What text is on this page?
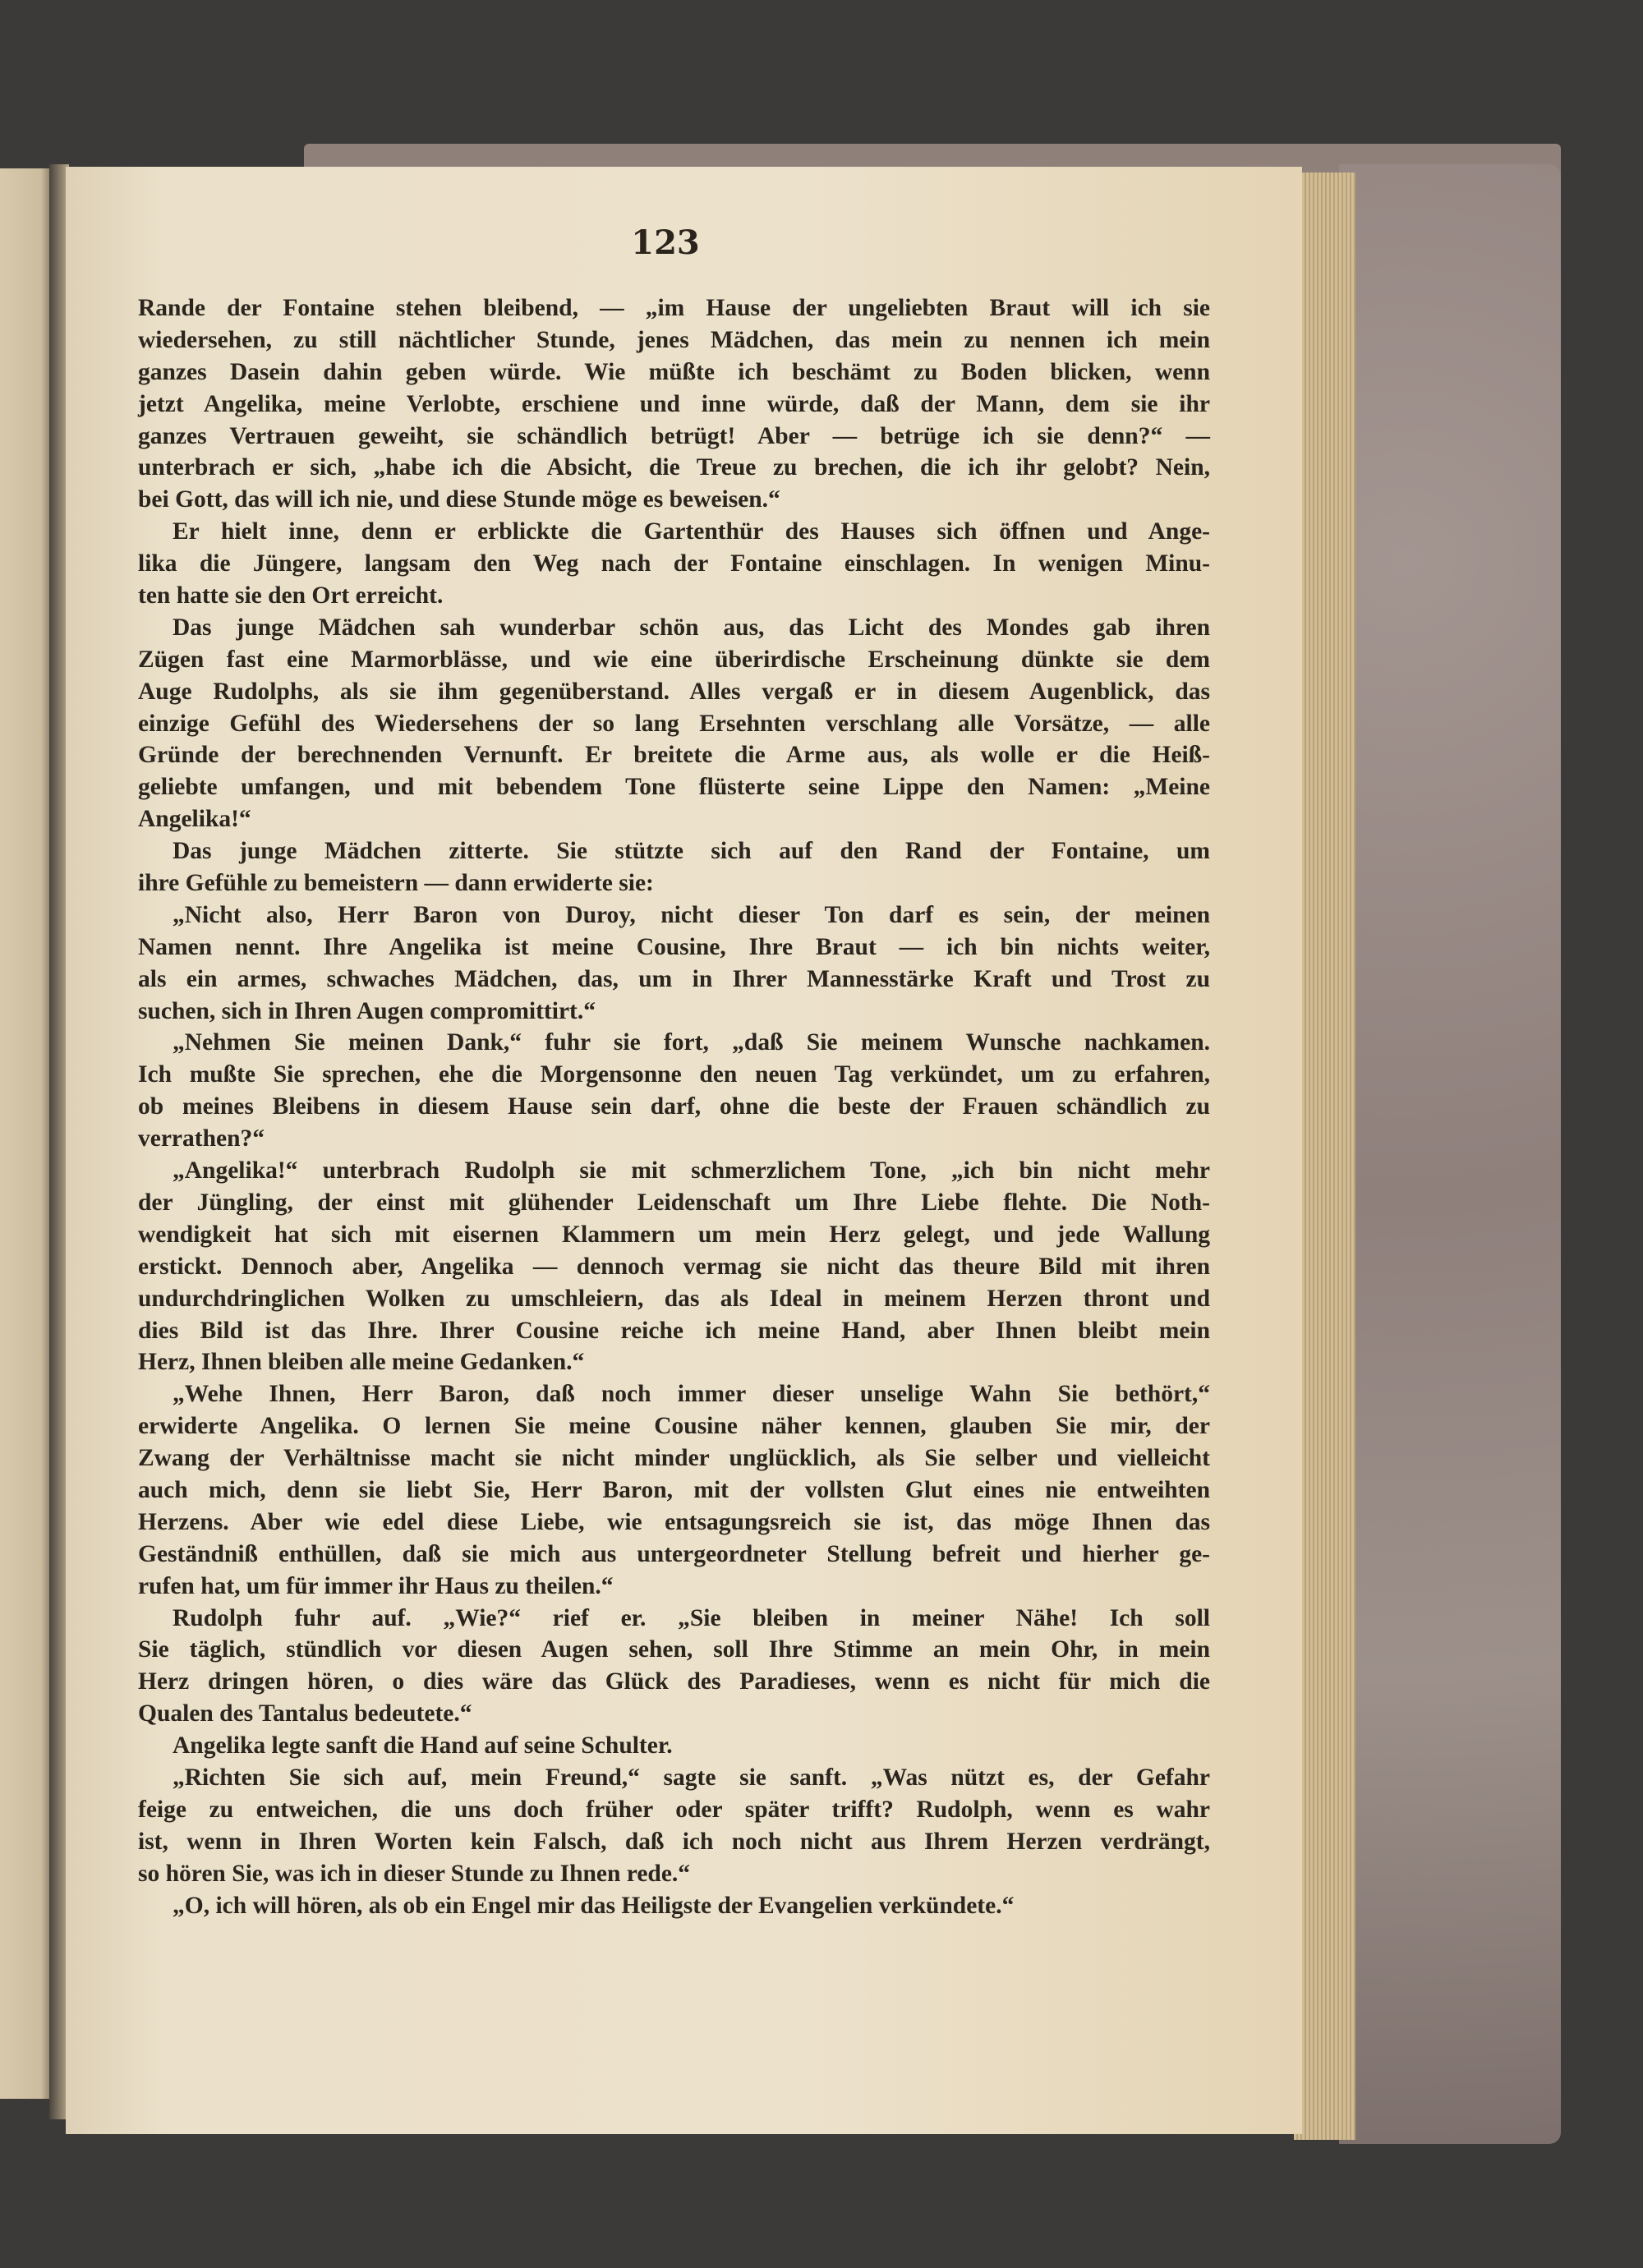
123
Rande der Fontaine stehen bleibend, — „im Hause der ungeliebten Braut will ich sie
wiedersehen, zu still nächtlicher Stunde, jenes Mädchen, das mein zu nennen ich mein
ganzes Dasein dahin geben würde. Wie müßte ich beschämt zu Boden blicken, wenn
jetzt Angelika, meine Verlobte, erschiene und inne würde, daß der Mann, dem sie ihr
ganzes Vertrauen geweiht, sie schändlich betrügt! Aber — betrüge ich sie denn?“ —
unterbrach er sich, „habe ich die Absicht, die Treue zu brechen, die ich ihr gelobt? Nein,
bei Gott, das will ich nie, und diese Stunde möge es beweisen.“
Er hielt inne, denn er erblickte die Gartenthür des Hauses sich öffnen und Ange-
lika die Jüngere, langsam den Weg nach der Fontaine einschlagen. In wenigen Minu-
ten hatte sie den Ort erreicht.
Das junge Mädchen sah wunderbar schön aus, das Licht des Mondes gab ihren
Zügen fast eine Marmorblässe, und wie eine überirdische Erscheinung dünkte sie dem
Auge Rudolphs, als sie ihm gegenüberstand. Alles vergaß er in diesem Augenblick, das
einzige Gefühl des Wiedersehens der so lang Ersehnten verschlang alle Vorsätze, — alle
Gründe der berechnenden Vernunft. Er breitete die Arme aus, als wolle er die Heiß-
geliebte umfangen, und mit bebendem Tone flüsterte seine Lippe den Namen: „Meine
Angelika!“
Das junge Mädchen zitterte. Sie stützte sich auf den Rand der Fontaine, um
ihre Gefühle zu bemeistern — dann erwiderte sie:
„Nicht also, Herr Baron von Duroy, nicht dieser Ton darf es sein, der meinen
Namen nennt. Ihre Angelika ist meine Cousine, Ihre Braut — ich bin nichts weiter,
als ein armes, schwaches Mädchen, das, um in Ihrer Mannesstärke Kraft und Trost zu
suchen, sich in Ihren Augen compromittirt.“
„Nehmen Sie meinen Dank,“ fuhr sie fort, „daß Sie meinem Wunsche nachkamen.
Ich mußte Sie sprechen, ehe die Morgensonne den neuen Tag verkündet, um zu erfahren,
ob meines Bleibens in diesem Hause sein darf, ohne die beste der Frauen schändlich zu
verrathen?“
„Angelika!“ unterbrach Rudolph sie mit schmerzlichem Tone, „ich bin nicht mehr
der Jüngling, der einst mit glühender Leidenschaft um Ihre Liebe flehte. Die Noth-
wendigkeit hat sich mit eisernen Klammern um mein Herz gelegt, und jede Wallung
erstickt. Dennoch aber, Angelika — dennoch vermag sie nicht das theure Bild mit ihren
undurchdringlichen Wolken zu umschleiern, das als Ideal in meinem Herzen thront und
dies Bild ist das Ihre. Ihrer Cousine reiche ich meine Hand, aber Ihnen bleibt mein
Herz, Ihnen bleiben alle meine Gedanken.“
„Wehe Ihnen, Herr Baron, daß noch immer dieser unselige Wahn Sie bethört,“
erwiderte Angelika. O lernen Sie meine Cousine näher kennen, glauben Sie mir, der
Zwang der Verhältnisse macht sie nicht minder unglücklich, als Sie selber und vielleicht
auch mich, denn sie liebt Sie, Herr Baron, mit der vollsten Glut eines nie entweihten
Herzens. Aber wie edel diese Liebe, wie entsagungsreich sie ist, das möge Ihnen das
Geständniß enthüllen, daß sie mich aus untergeordneter Stellung befreit und hierher ge-
rufen hat, um für immer ihr Haus zu theilen.“
Rudolph fuhr auf. „Wie?“ rief er. „Sie bleiben in meiner Nähe! Ich soll
Sie täglich, stündlich vor diesen Augen sehen, soll Ihre Stimme an mein Ohr, in mein
Herz dringen hören, o dies wäre das Glück des Paradieses, wenn es nicht für mich die
Qualen des Tantalus bedeutete.“
Angelika legte sanft die Hand auf seine Schulter.
„Richten Sie sich auf, mein Freund,“ sagte sie sanft. „Was nützt es, der Gefahr
feige zu entweichen, die uns doch früher oder später trifft? Rudolph, wenn es wahr
ist, wenn in Ihren Worten kein Falsch, daß ich noch nicht aus Ihrem Herzen verdrängt,
so hören Sie, was ich in dieser Stunde zu Ihnen rede.“
„O, ich will hören, als ob ein Engel mir das Heiligste der Evangelien verkündete.“
